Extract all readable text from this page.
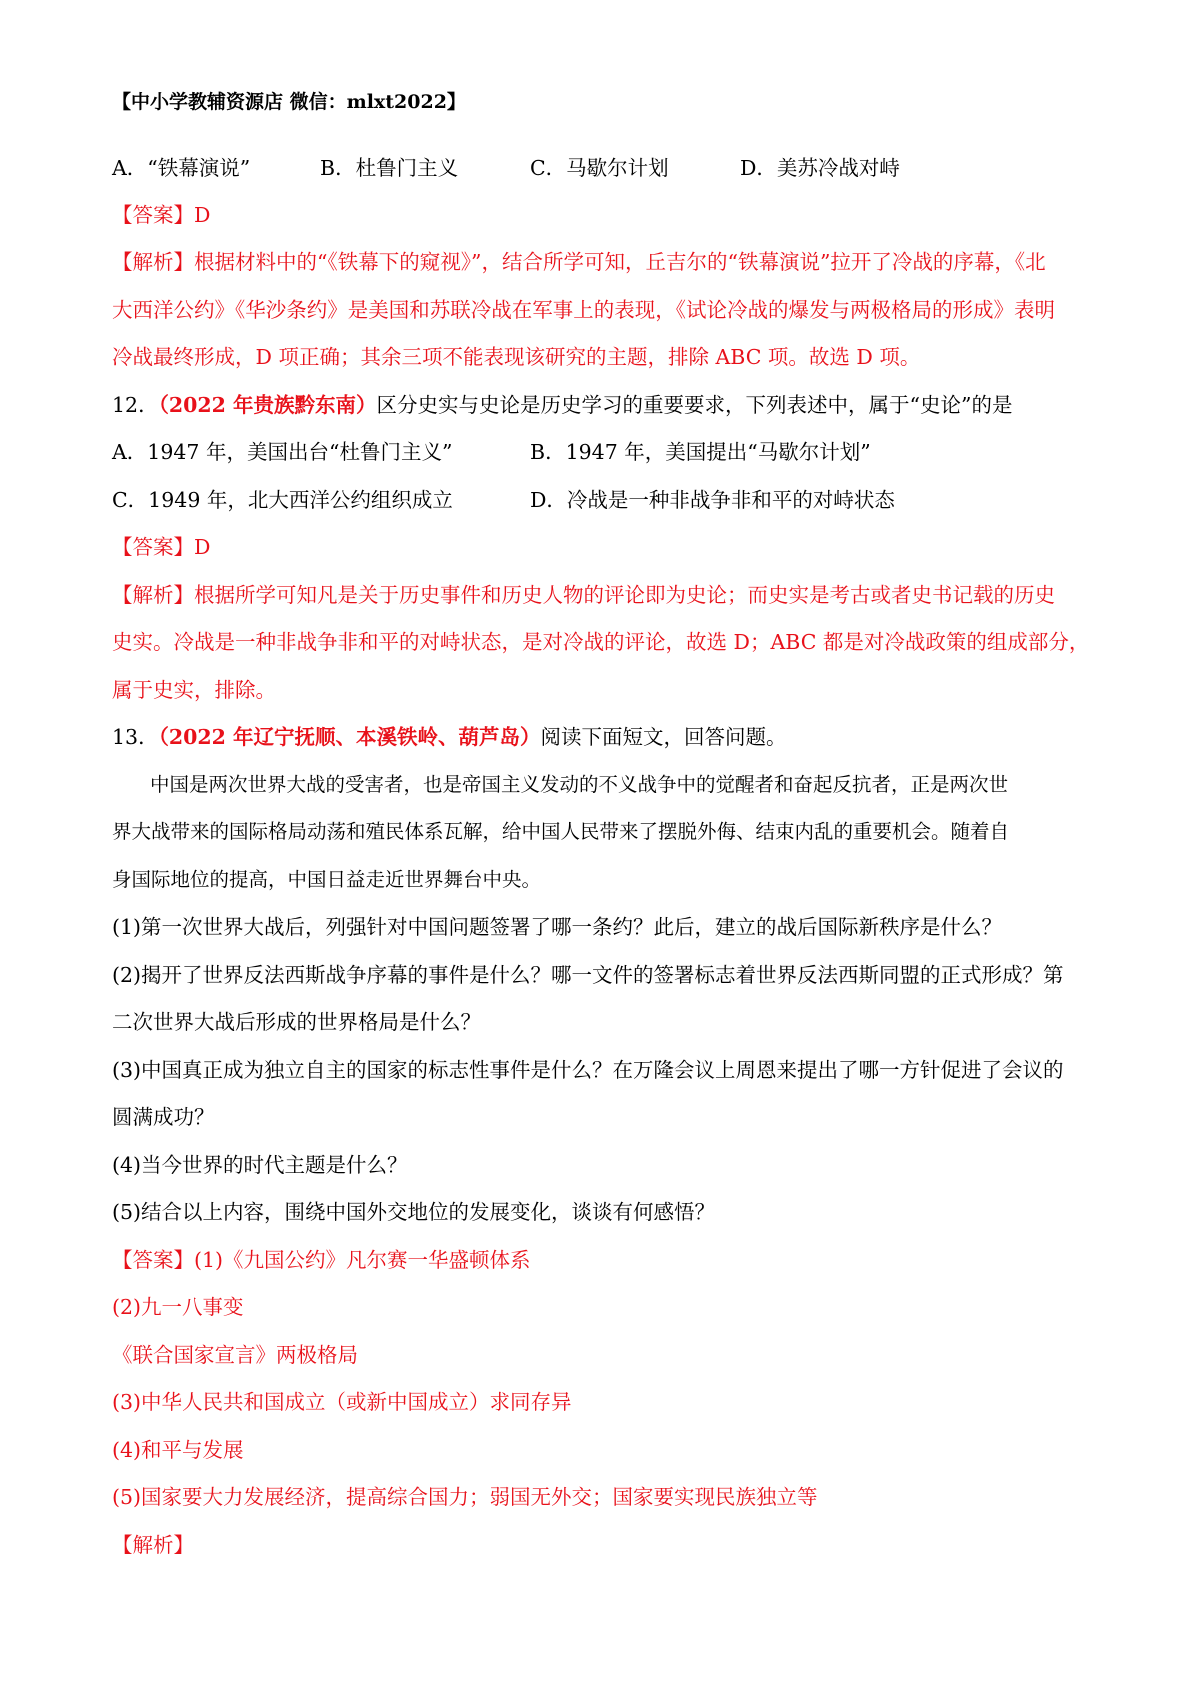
【中小学教辅资源店 微信：mlxt2022】
A．“铁幕演说”	B．杜鲁门主义	C．马歇尔计划	D．美苏冷战对峙
【答案】D
【解析】根据材料中的“《铁幕下的窥视》”，结合所学可知，丘吉尔的“铁幕演说”拉开了冷战的序幕，《北
大西洋公约》《华沙条约》是美国和苏联冷战在军事上的表现，《试论冷战的爆发与两极格局的形成》表明
冷战最终形成，D 项正确；其余三项不能表现该研究的主题，排除 ABC 项。故选 D 项。
12．（2022 年贵族黔东南）区分史实与史论是历史学习的重要要求，下列表述中，属于“史论”的是
A．1947 年，美国出台“杜鲁门主义”	B．1947 年，美国提出“马歇尔计划”
C．1949 年，北大西洋公约组织成立	D．冷战是一种非战争非和平的对峙状态
【答案】D
【解析】根据所学可知凡是关于历史事件和历史人物的评论即为史论；而史实是考古或者史书记载的历史
史实。冷战是一种非战争非和平的对峙状态，是对冷战的评论，故选 D；ABC 都是对冷战政策的组成部分，
属于史实，排除。
13．（2022 年辽宁抚顺、本溪铁岭、葫芦岛）阅读下面短文，回答问题。
中国是两次世界大战的受害者，也是帝国主义发动的不义战争中的觉醒者和奋起反抗者，正是两次世
界大战带来的国际格局动荡和殖民体系瓦解，给中国人民带来了摆脱外侮、结束内乱的重要机会。随着自
身国际地位的提高，中国日益走近世界舞台中央。
(1)第一次世界大战后，列强针对中国问题签署了哪一条约？此后，建立的战后国际新秩序是什么？
(2)揭开了世界反法西斯战争序幕的事件是什么？哪一文件的签署标志着世界反法西斯同盟的正式形成？第
二次世界大战后形成的世界格局是什么？
(3)中国真正成为独立自主的国家的标志性事件是什么？在万隆会议上周恩来提出了哪一方针促进了会议的
圆满成功？
(4)当今世界的时代主题是什么？
(5)结合以上内容，围绕中国外交地位的发展变化，谈谈有何感悟？
【答案】(1)《九国公约》凡尔赛一华盛顿体系
(2)九一八事变
《联合国家宣言》两极格局
(3)中华人民共和国成立（或新中国成立）求同存异
(4)和平与发展
(5)国家要大力发展经济，提高综合国力；弱国无外交；国家要实现民族独立等
【解析】
